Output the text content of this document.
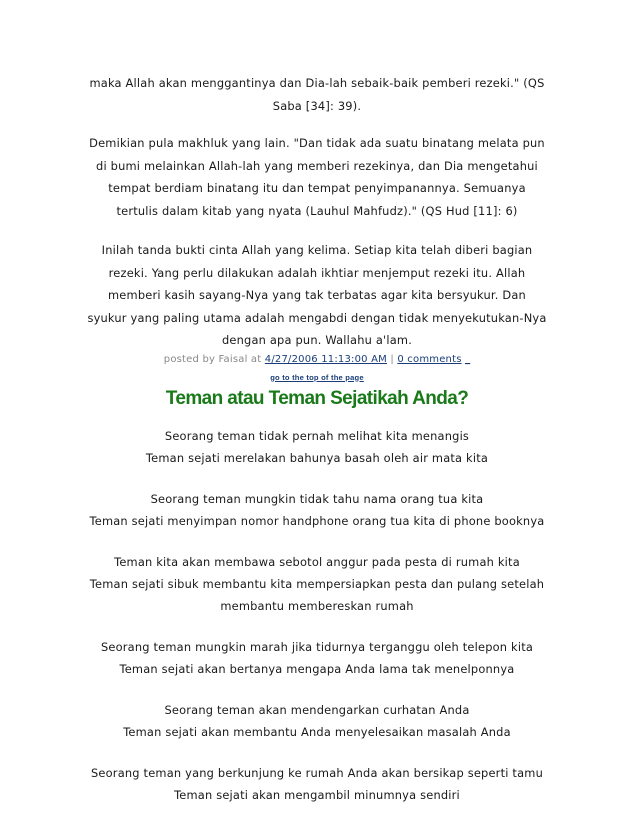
maka Allah akan menggantinya dan Dia-lah sebaik-baik pemberi rezeki." (QS
Saba [34]: 39).
Demikian pula makhluk yang lain. "Dan tidak ada suatu binatang melata pun
di bumi melainkan Allah-lah yang memberi rezekinya, dan Dia mengetahui
tempat berdiam binatang itu dan tempat penyimpanannya. Semuanya
tertulis dalam kitab yang nyata (Lauhul Mahfudz)." (QS Hud [11]: 6)
Inilah tanda bukti cinta Allah yang kelima. Setiap kita telah diberi bagian
rezeki. Yang perlu dilakukan adalah ikhtiar menjemput rezeki itu. Allah
memberi kasih sayang-Nya yang tak terbatas agar kita bersyukur. Dan
syukur yang paling utama adalah mengabdi dengan tidak menyekutukan-Nya
dengan apa pun. Wallahu a'lam.
posted by Faisal at 4/27/2006 11:13:00 AM | 0 comments _
go to the top of the page
Teman atau Teman Sejatikah Anda?
Seorang teman tidak pernah melihat kita menangis
Teman sejati merelakan bahunya basah oleh air mata kita
Seorang teman mungkin tidak tahu nama orang tua kita
Teman sejati menyimpan nomor handphone orang tua kita di phone booknya
Teman kita akan membawa sebotol anggur pada pesta di rumah kita
Teman sejati sibuk membantu kita mempersiapkan pesta dan pulang setelah
membantu membereskan rumah
Seorang teman mungkin marah jika tidurnya terganggu oleh telepon kita
Teman sejati akan bertanya mengapa Anda lama tak menelponnya
Seorang teman akan mendengarkan curhatan Anda
Teman sejati akan membantu Anda menyelesaikan masalah Anda
Seorang teman yang berkunjung ke rumah Anda akan bersikap seperti tamu
Teman sejati akan mengambil minumnya sendiri
